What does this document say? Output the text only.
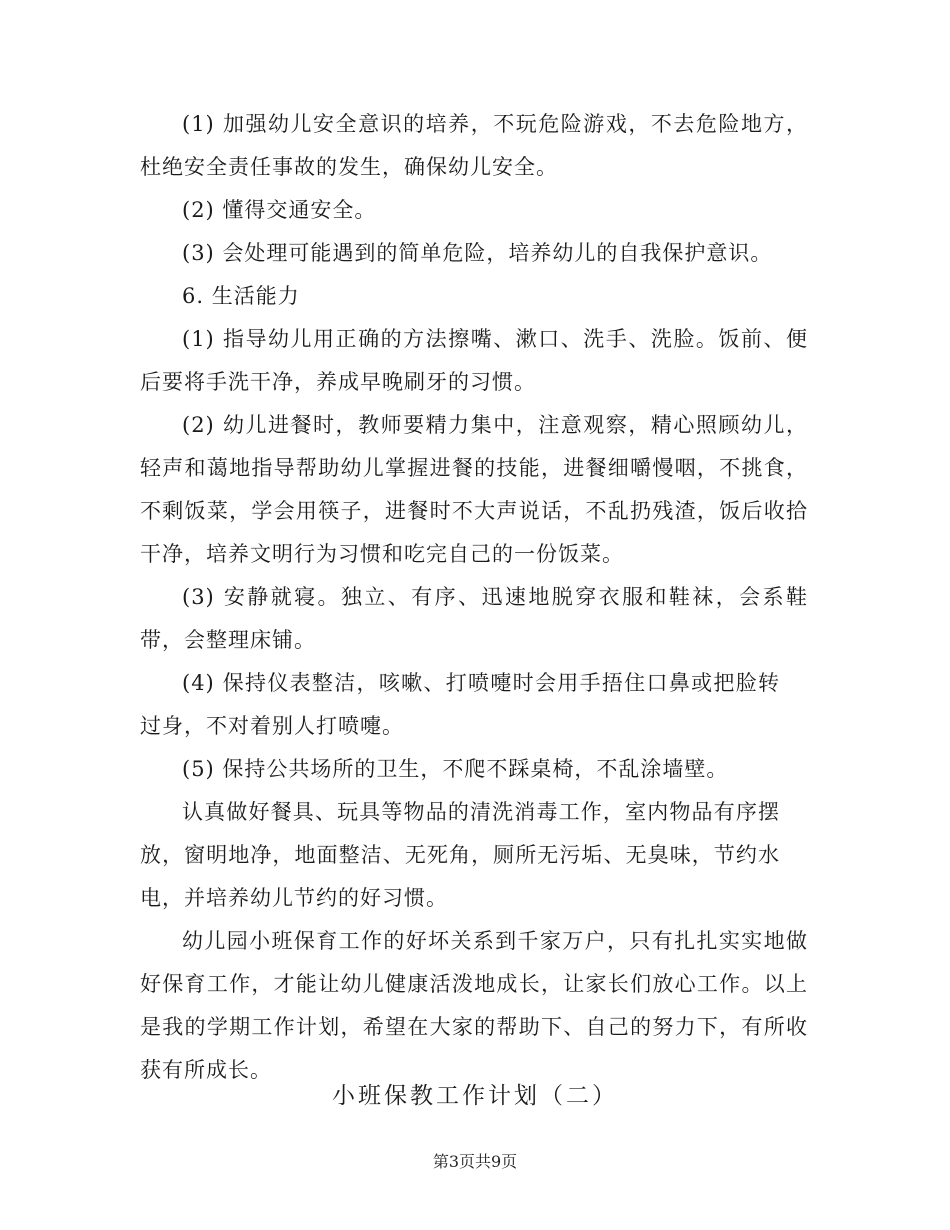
(1) 加强幼儿安全意识的培养，不玩危险游戏，不去危险地方，杜绝安全责任事故的发生，确保幼儿安全。

(2) 懂得交通安全。

(3) 会处理可能遇到的简单危险，培养幼儿的自我保护意识。

6. 生活能力

(1) 指导幼儿用正确的方法擦嘴、漱口、洗手、洗脸。饭前、便后要将手洗干净，养成早晚刷牙的习惯。

(2) 幼儿进餐时，教师要精力集中，注意观察，精心照顾幼儿，轻声和蔼地指导帮助幼儿掌握进餐的技能，进餐细嚼慢咽，不挑食，不剩饭菜，学会用筷子，进餐时不大声说话，不乱扔残渣，饭后收拾干净，培养文明行为习惯和吃完自己的一份饭菜。

(3) 安静就寝。独立、有序、迅速地脱穿衣服和鞋袜，会系鞋带，会整理床铺。

(4) 保持仪表整洁，咳嗽、打喷嚏时会用手捂住口鼻或把脸转过身，不对着别人打喷嚏。

(5) 保持公共场所的卫生，不爬不踩桌椅，不乱涂墙壁。

认真做好餐具、玩具等物品的清洗消毒工作，室内物品有序摆放，窗明地净，地面整洁、无死角，厕所无污垢、无臭味，节约水电，并培养幼儿节约的好习惯。

幼儿园小班保育工作的好坏关系到千家万户，只有扎扎实实地做好保育工作，才能让幼儿健康活泼地成长，让家长们放心工作。以上是我的学期工作计划，希望在大家的帮助下、自己的努力下，有所收获有所成长。

小班保教工作计划（二）
第3页共9页
